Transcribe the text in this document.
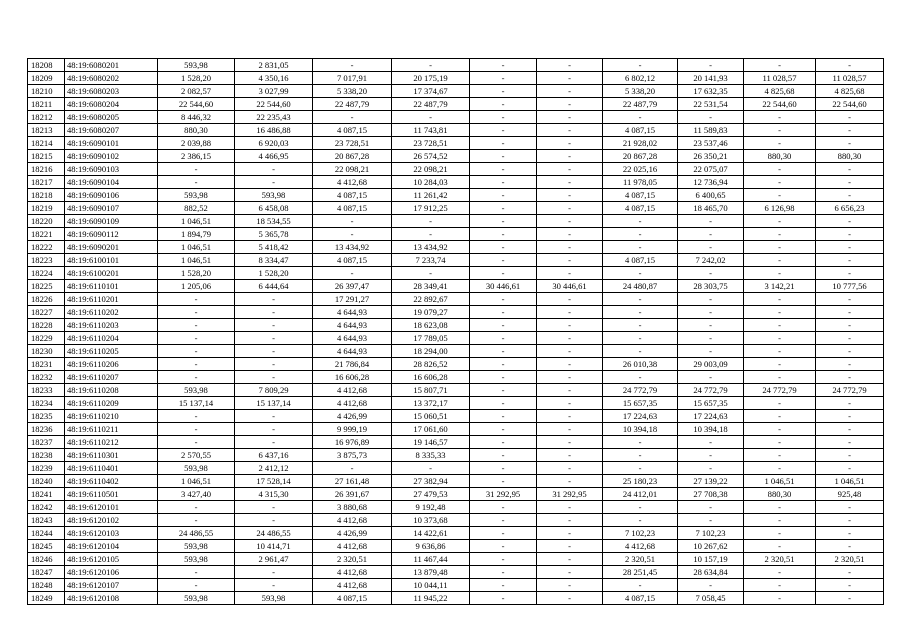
18208	48:19:6080201	593,98	2 831,05	-	-	-	-	-	-	-	-
18209	48:19:6080202	1 528,20	4 350,16	7 017,91	20 175,19	-	-	6 802,12	20 141,93	11 028,57	11 028,57
18210	48:19:6080203	2 082,57	3 027,99	5 338,20	17 374,67	-	-	5 338,20	17 632,35	4 825,68	4 825,68
18211	48:19:6080204	22 544,60	22 544,60	22 487,79	22 487,79	-	-	22 487,79	22 531,54	22 544,60	22 544,60
18212	48:19:6080205	8 446,32	22 235,43	-	-	-	-	-	-	-	-
18213	48:19:6080207	880,30	16 486,88	4 087,15	11 743,81	-	-	4 087,15	11 589,83	-	-
18214	48:19:6090101	2 039,88	6 920,03	23 728,51	23 728,51	-	-	21 928,02	23 537,46	-	-
18215	48:19:6090102	2 386,15	4 466,95	20 867,28	26 574,52	-	-	20 867,28	26 350,21	880,30	880,30
18216	48:19:6090103	-	-	22 098,21	22 098,21	-	-	22 025,16	22 075,07	-	-
18217	48:19:6090104	-	-	4 412,68	10 284,03	-	-	11 978,05	12 736,94	-	-
18218	48:19:6090106	593,98	593,98	4 087,15	11 261,42	-	-	4 087,15	6 400,65	-	-
18219	48:19:6090107	882,52	6 458,08	4 087,15	17 912,25	-	-	4 087,15	18 465,70	6 126,98	6 656,23
18220	48:19:6090109	1 046,51	18 534,55	-	-	-	-	-	-	-	-
18221	48:19:6090112	1 894,79	5 365,78	-	-	-	-	-	-	-	-
18222	48:19:6090201	1 046,51	5 418,42	13 434,92	13 434,92	-	-	-	-	-	-
18223	48:19:6100101	1 046,51	8 334,47	4 087,15	7 233,74	-	-	4 087,15	7 242,02	-	-
18224	48:19:6100201	1 528,20	1 528,20	-	-	-	-	-	-	-	-
18225	48:19:6110101	1 205,06	6 444,64	26 397,47	28 349,41	30 446,61	30 446,61	24 480,87	28 303,75	3 142,21	10 777,56
18226	48:19:6110201	-	-	17 291,27	22 892,67	-	-	-	-	-	-
18227	48:19:6110202	-	-	4 644,93	19 079,27	-	-	-	-	-	-
18228	48:19:6110203	-	-	4 644,93	18 623,08	-	-	-	-	-	-
18229	48:19:6110204	-	-	4 644,93	17 789,05	-	-	-	-	-	-
18230	48:19:6110205	-	-	4 644,93	18 294,00	-	-	-	-	-	-
18231	48:19:6110206	-	-	21 786,84	28 826,52	-	-	26 010,38	29 003,09	-	-
18232	48:19:6110207	-	-	16 606,28	16 606,28	-	-	-	-	-	-
18233	48:19:6110208	593,98	7 809,29	4 412,68	15 807,71	-	-	24 772,79	24 772,79	24 772,79	24 772,79
18234	48:19:6110209	15 137,14	15 137,14	4 412,68	13 372,17	-	-	15 657,35	15 657,35	-	-
18235	48:19:6110210	-	-	4 426,99	15 060,51	-	-	17 224,63	17 224,63	-	-
18236	48:19:6110211	-	-	9 999,19	17 061,60	-	-	10 394,18	10 394,18	-	-
18237	48:19:6110212	-	-	16 976,89	19 146,57	-	-	-	-	-	-
18238	48:19:6110301	2 570,55	6 437,16	3 875,73	8 335,33	-	-	-	-	-	-
18239	48:19:6110401	593,98	2 412,12	-	-	-	-	-	-	-	-
18240	48:19:6110402	1 046,51	17 528,14	27 161,48	27 382,94	-	-	25 180,23	27 139,22	1 046,51	1 046,51
18241	48:19:6110501	3 427,40	4 315,30	26 391,67	27 479,53	31 292,95	31 292,95	24 412,01	27 708,38	880,30	925,48
18242	48:19:6120101	-	-	3 880,68	9 192,48	-	-	-	-	-	-
18243	48:19:6120102	-	-	4 412,68	10 373,68	-	-	-	-	-	-
18244	48:19:6120103	24 486,55	24 486,55	4 426,99	14 422,61	-	-	7 102,23	7 102,23	-	-
18245	48:19:6120104	593,98	10 414,71	4 412,68	9 636,86	-	-	4 412,68	10 267,62	-	-
18246	48:19:6120105	593,98	2 961,47	2 320,51	11 467,44	-	-	2 320,51	10 157,19	2 320,51	2 320,51
18247	48:19:6120106	-	-	4 412,68	13 879,48	-	-	28 251,45	28 634,84	-	-
18248	48:19:6120107	-	-	4 412,68	10 044,11	-	-	-	-	-	-
18249	48:19:6120108	593,98	593,98	4 087,15	11 945,22	-	-	4 087,15	7 058,45	-	-
